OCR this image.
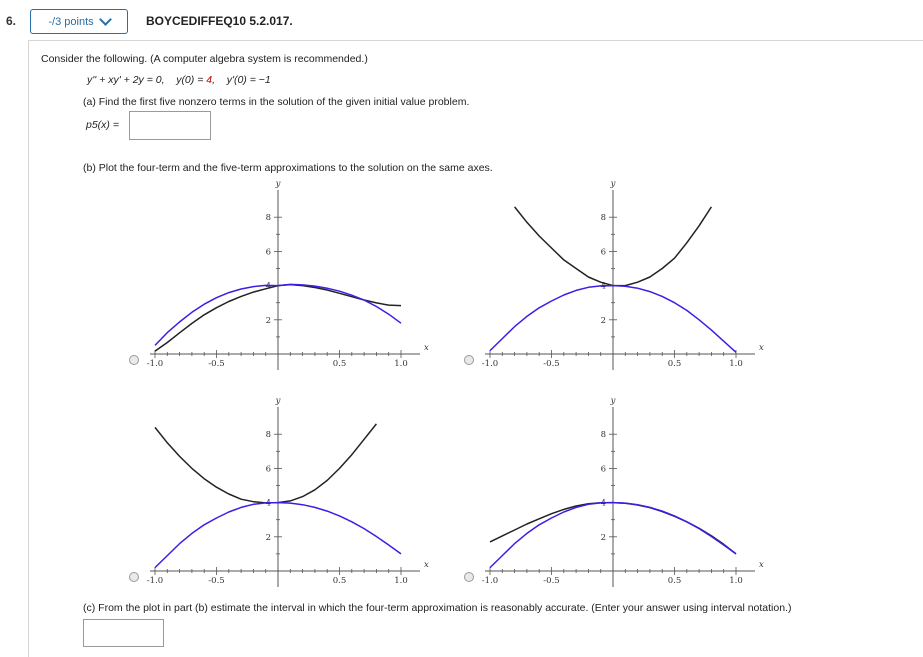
6.	-/3 points	BOYCEDIFFEQ10 5.2.017.
Consider the following. (A computer algebra system is recommended.)
y'' + xy' + 2y = 0, y(0) = 4, y'(0) = −1
(a) Find the first five nonzero terms in the solution of the given initial value problem.
p5(x) =
(b) Plot the four-term and the five-term approximations to the solution on the same axes.
-1.0	-0.5	0.5	1.0
2
4
6
8
x
y
-1.0	-0.5	0.5	1.0
2
4
6
8
x
y
-1.0	-0.5	0.5	1.0
2
4
6
8
x
y
-1.0	-0.5	0.5	1.0
2
4
6
8
x
y
(c) From the plot in part (b) estimate the interval in which the four-term approximation is reasonably accurate. (Enter your answer using interval notation.)
